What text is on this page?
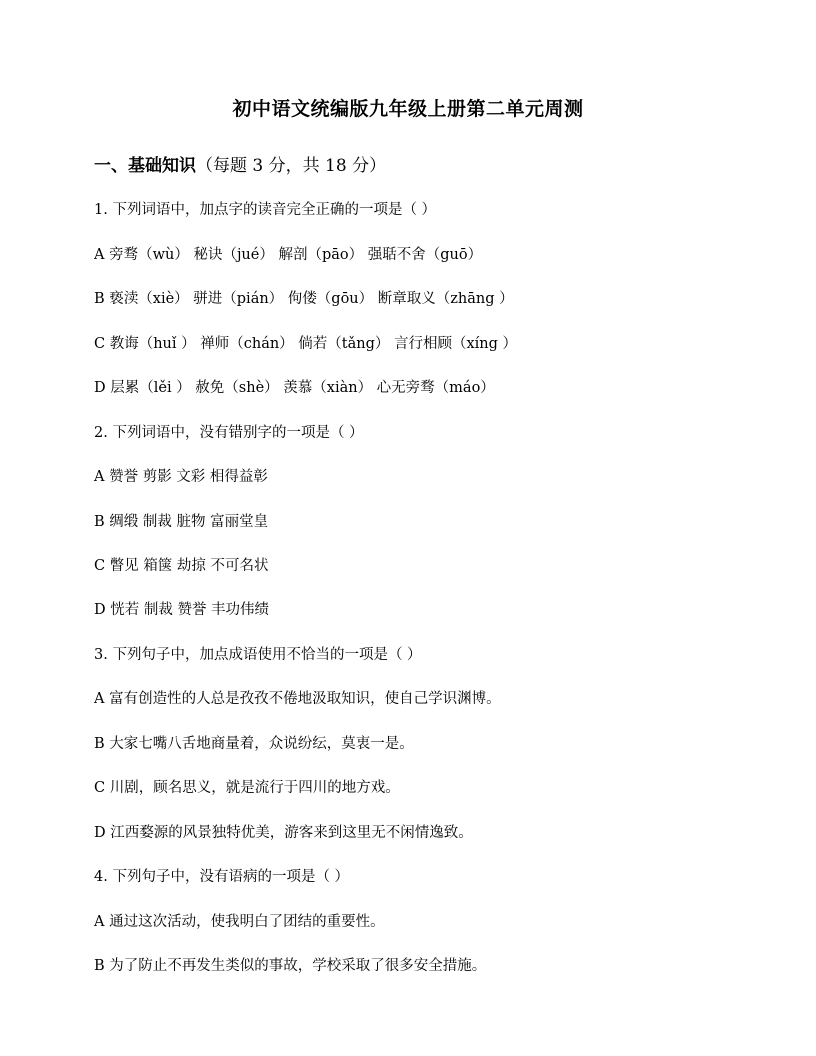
初中语文统编版九年级上册第二单元周测
一、基础知识（每题 3 分，共 18 分）
1. 下列词语中，加点字的读音完全正确的一项是（ ）
A 旁骛（wù） 秘诀（jué） 解剖（pāo） 强聒不舍（guō）
B 亵渎（xiè） 骈进（pián） 佝偻（gōu） 断章取义（zhāng ）
C 教诲（huǐ ） 禅师（chán） 倘若（tǎng） 言行相顾（xíng ）
D 层累（lěi ） 赦免（shè） 羡慕（xiàn） 心无旁骛（máo）
2. 下列词语中，没有错别字的一项是（ ）
A 赞誉 剪影 文彩 相得益彰
B 绸缎 制裁 脏物 富丽堂皇
C 瞥见 箱箧 劫掠 不可名状
D 恍若 制裁 赞誉 丰功伟绩
3. 下列句子中，加点成语使用不恰当的一项是（ ）
A 富有创造性的人总是孜孜不倦地汲取知识，使自己学识渊博。
B 大家七嘴八舌地商量着，众说纷纭，莫衷一是。
C 川剧，顾名思义，就是流行于四川的地方戏。
D 江西婺源的风景独特优美，游客来到这里无不闲情逸致。
4. 下列句子中，没有语病的一项是（ ）
A 通过这次活动，使我明白了团结的重要性。
B 为了防止不再发生类似的事故，学校采取了很多安全措施。
